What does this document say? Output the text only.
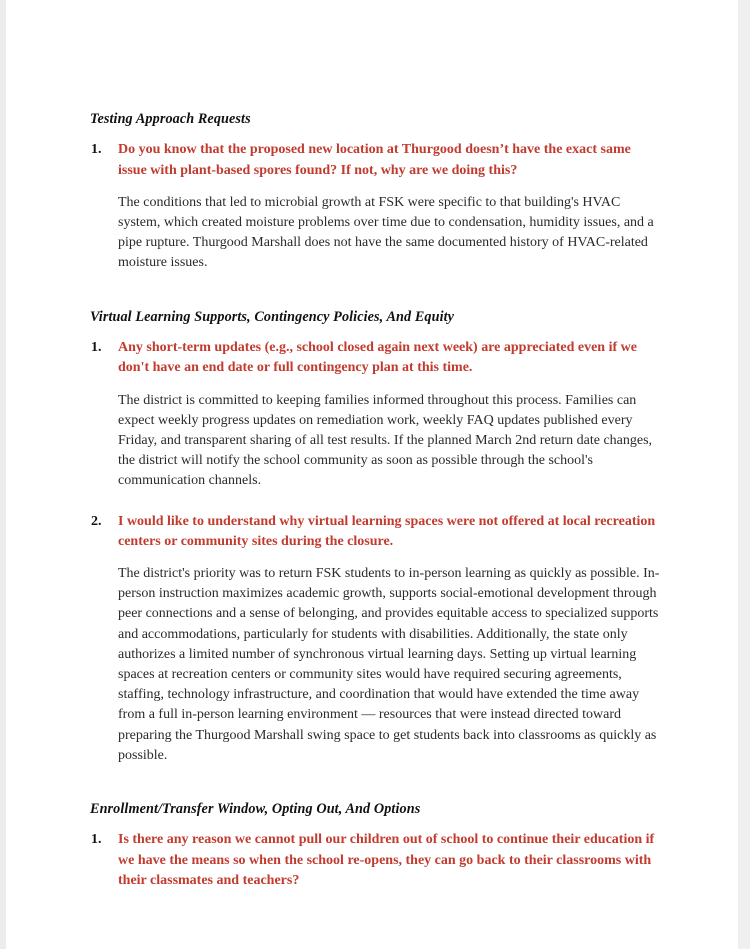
Testing Approach Requests
1. Do you know that the proposed new location at Thurgood doesn’t have the exact same issue with plant-based spores found? If not, why are we doing this?

The conditions that led to microbial growth at FSK were specific to that building's HVAC system, which created moisture problems over time due to condensation, humidity issues, and a pipe rupture. Thurgood Marshall does not have the same documented history of HVAC-related moisture issues.

Virtual Learning Supports, Contingency Policies, And Equity
1. Any short-term updates (e.g., school closed again next week) are appreciated even if we don't have an end date or full contingency plan at this time.

The district is committed to keeping families informed throughout this process. Families can expect weekly progress updates on remediation work, weekly FAQ updates published every Friday, and transparent sharing of all test results. If the planned March 2nd return date changes, the district will notify the school community as soon as possible through the school's communication channels.

2. I would like to understand why virtual learning spaces were not offered at local recreation centers or community sites during the closure.

The district's priority was to return FSK students to in-person learning as quickly as possible. In-person instruction maximizes academic growth, supports social-emotional development through peer connections and a sense of belonging, and provides equitable access to specialized supports and accommodations, particularly for students with disabilities. Additionally, the state only authorizes a limited number of synchronous virtual learning days. Setting up virtual learning spaces at recreation centers or community sites would have required securing agreements, staffing, technology infrastructure, and coordination that would have extended the time away from a full in-person learning environment — resources that were instead directed toward preparing the Thurgood Marshall swing space to get students back into classrooms as quickly as possible.

Enrollment/Transfer Window, Opting Out, And Options
1. Is there any reason we cannot pull our children out of school to continue their education if we have the means so when the school re-opens, they can go back to their classrooms with their classmates and teachers?
